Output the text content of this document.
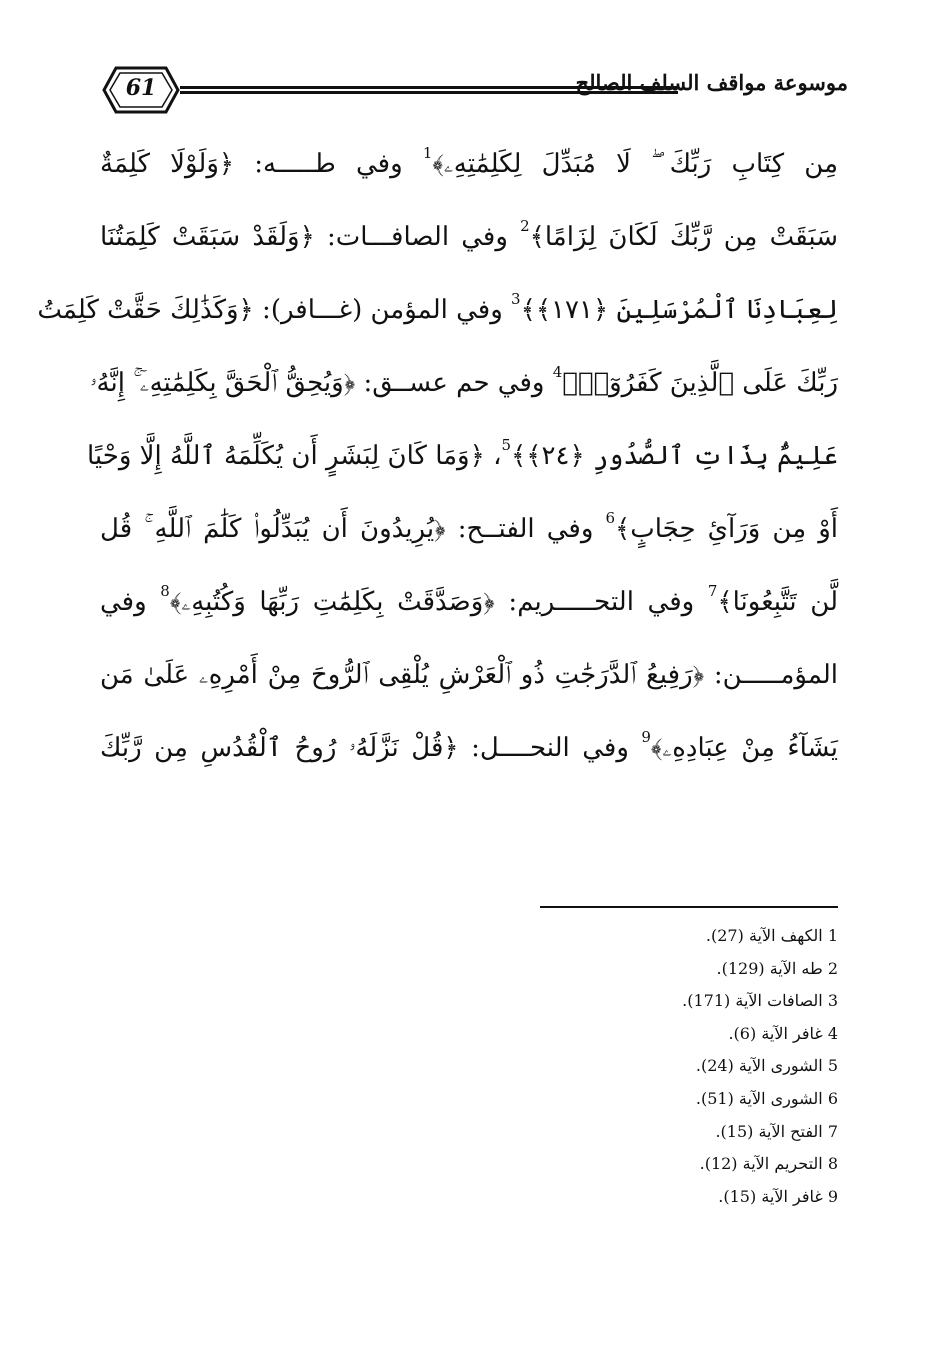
61	موسوعة مواقف السلف الصالح
مِن كِتَابِ رَبِّكَ ۖ لَا مُبَدِّلَ لِكَلِمَٰتِهِۦ﴾$^1$ وفي طـــــه: ﴿وَلَوْلَا كَلِمَةٌ
سَبَقَتْ مِن رَّبِّكَ لَكَانَ لِزَامًا﴾$^2$ وفي الصافـــات: ﴿وَلَقَدْ سَبَقَتْ كَلِمَتُنَا
لِعِبَادِنَا ٱلْمُرْسَلِينَ ﴿١٧١﴾﴾$^3$ وفي المؤمن (غـــافر): ﴿وَكَذَٰلِكَ حَقَّتْ كَلِمَتُ
رَبِّكَ عَلَى ٱلَّذِينَ كَفَرُوٓا۟﴾$^4$ وفي حم عســق: ﴿وَيُحِقُّ ٱلْحَقَّ بِكَلِمَٰتِهِۦٓ ۚ إِنَّهُۥ
عَلِيمٌۢ بِذَاتِ ٱلصُّدُورِ ﴿٢٤﴾﴾$^5$، ﴿وَمَا كَانَ لِبَشَرٍ أَن يُكَلِّمَهُ ٱللَّهُ إِلَّا وَحْيًا
أَوْ مِن وَرَآئِ حِجَابٍ﴾$^6$ وفي الفتــح: ﴿يُرِيدُونَ أَن يُبَدِّلُوا۟ كَلَٰمَ ٱللَّهِ ۚ قُل
لَّن تَتَّبِعُونَا﴾$^7$ وفي التحـــــريم: ﴿وَصَدَّقَتْ بِكَلِمَٰتِ رَبِّهَا وَكُتُبِهِۦ﴾$^8$ وفي
المؤمـــــن: ﴿رَفِيعُ ٱلدَّرَجَٰتِ ذُو ٱلْعَرْشِ يُلْقِى ٱلرُّوحَ مِنْ أَمْرِهِۦ عَلَىٰ مَن
يَشَآءُ مِنْ عِبَادِهِۦ﴾$^9$ وفي النحــــل: ﴿قُلْ نَزَّلَهُۥ رُوحُ ٱلْقُدُسِ مِن رَّبِّكَ
1 الكهف الآية (27).
2 طه الآية (129).
3 الصافات الآية (171).
4 غافر الآية (6).
5 الشورى الآية (24).
6 الشورى الآية (51).
7 الفتح الآية (15).
8 التحريم الآية (12).
9 غافر الآية (15).
